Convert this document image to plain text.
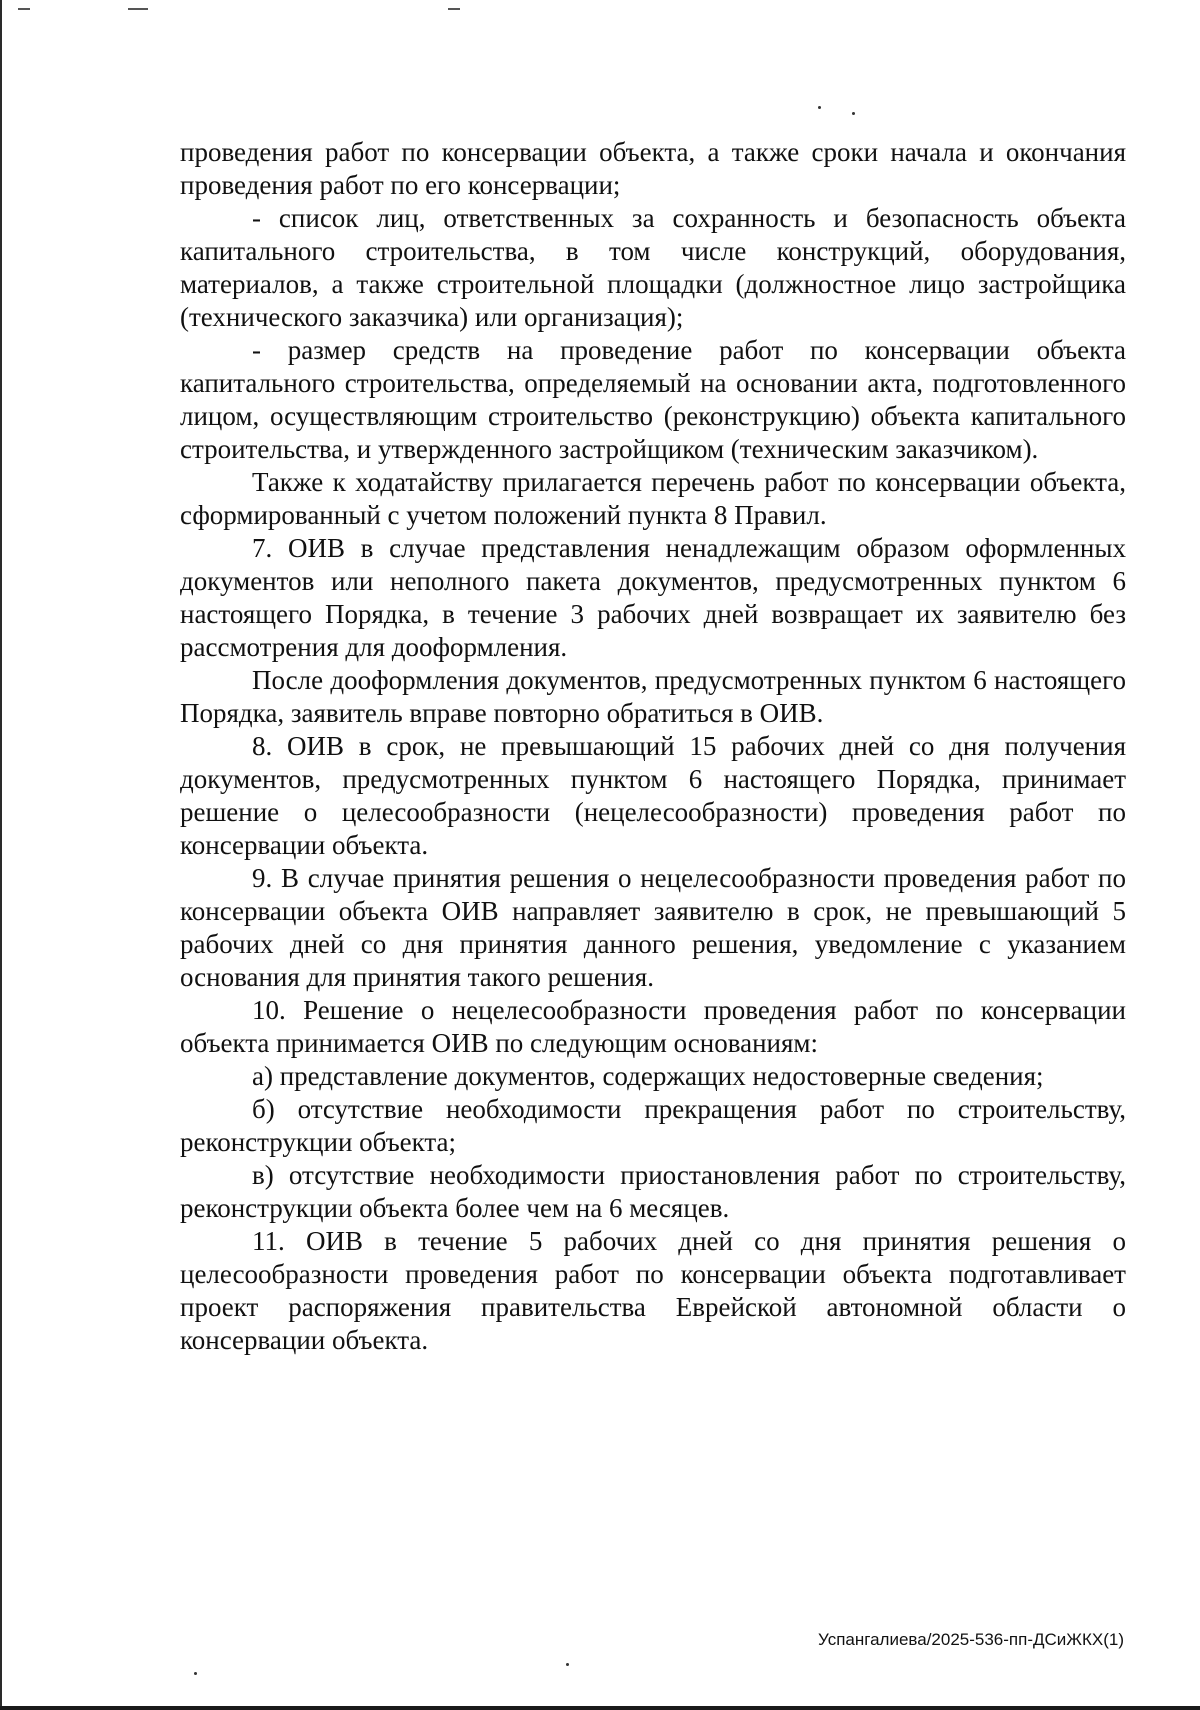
проведения работ по консервации объекта, а также сроки начала и окончания проведения работ по его консервации;

- список лиц, ответственных за сохранность и безопасность объекта капитального строительства, в том числе конструкций, оборудования, материалов, а также строительной площадки (должностное лицо застройщика (технического заказчика) или организация);

- размер средств на проведение работ по консервации объекта капитального строительства, определяемый на основании акта, подготовленного лицом, осуществляющим строительство (реконструкцию) объекта капитального строительства, и утвержденного застройщиком (техническим заказчиком).

Также к ходатайству прилагается перечень работ по консервации объекта, сформированный с учетом положений пункта 8 Правил.

7. ОИВ в случае представления ненадлежащим образом оформленных документов или неполного пакета документов, предусмотренных пунктом 6 настоящего Порядка, в течение 3 рабочих дней возвращает их заявителю без рассмотрения для дооформления.

После дооформления документов, предусмотренных пунктом 6 настоящего Порядка, заявитель вправе повторно обратиться в ОИВ.

8. ОИВ в срок, не превышающий 15 рабочих дней со дня получения документов, предусмотренных пунктом 6 настоящего Порядка, принимает решение о целесообразности (нецелесообразности) проведения работ по консервации объекта.

9. В случае принятия решения о нецелесообразности проведения работ по консервации объекта ОИВ направляет заявителю в срок, не превышающий 5 рабочих дней со дня принятия данного решения, уведомление с указанием основания для принятия такого решения.

10. Решение о нецелесообразности проведения работ по консервации объекта принимается ОИВ по следующим основаниям:

а) представление документов, содержащих недостоверные сведения;

б) отсутствие необходимости прекращения работ по строительству, реконструкции объекта;

в) отсутствие необходимости приостановления работ по строительству, реконструкции объекта более чем на 6 месяцев.

11. ОИВ в течение 5 рабочих дней со дня принятия решения о целесообразности проведения работ по консервации объекта подготавливает проект распоряжения правительства Еврейской автономной области о консервации объекта.

Успангалиева/2025-536-пп-ДСиЖКХ(1)
